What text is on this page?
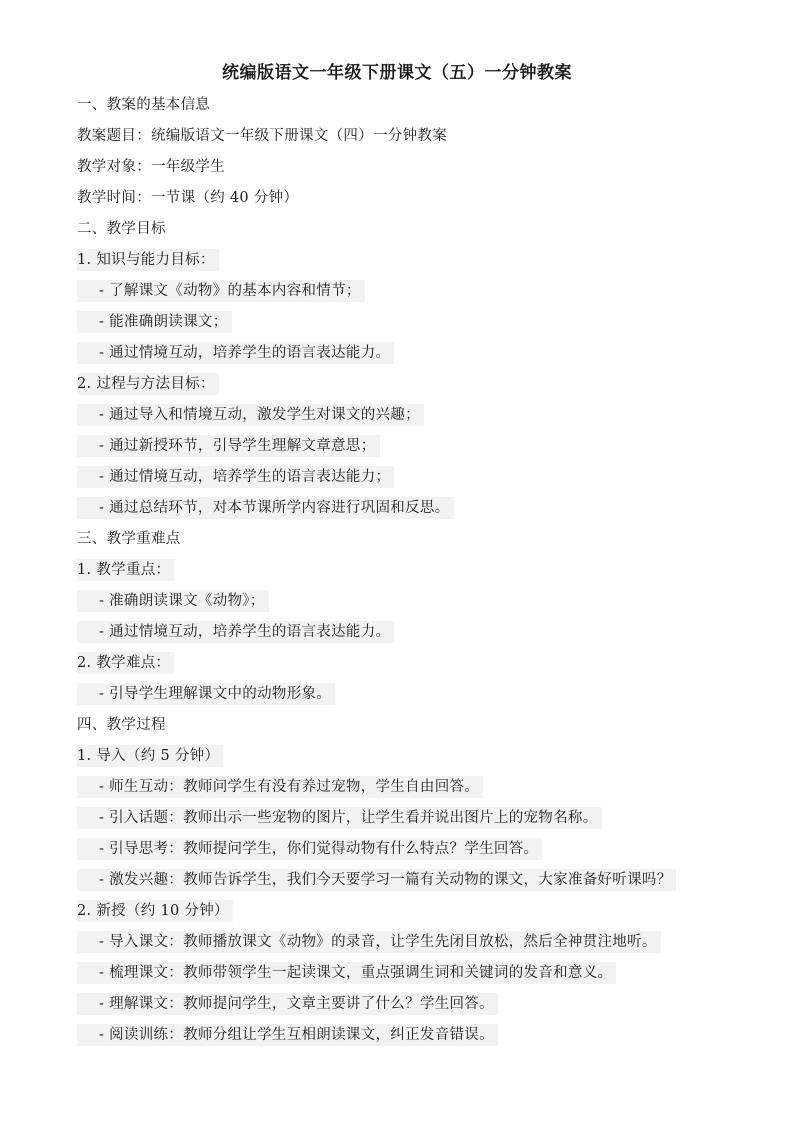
统编版语文一年级下册课文（五）一分钟教案
一、教案的基本信息
教案题目：统编版语文一年级下册课文（四）一分钟教案
教学对象：一年级学生
教学时间：一节课（约 40 分钟）
二、教学目标
1. 知识与能力目标：
- 了解课文《动物》的基本内容和情节；
- 能准确朗读课文；
- 通过情境互动，培养学生的语言表达能力。
2. 过程与方法目标：
- 通过导入和情境互动，激发学生对课文的兴趣；
- 通过新授环节，引导学生理解文章意思；
- 通过情境互动，培养学生的语言表达能力；
- 通过总结环节，对本节课所学内容进行巩固和反思。
三、教学重难点
1. 教学重点：
- 准确朗读课文《动物》；
- 通过情境互动，培养学生的语言表达能力。
2. 教学难点：
- 引导学生理解课文中的动物形象。
四、教学过程
1. 导入（约 5 分钟）
- 师生互动：教师问学生有没有养过宠物，学生自由回答。
- 引入话题：教师出示一些宠物的图片，让学生看并说出图片上的宠物名称。
- 引导思考：教师提问学生，你们觉得动物有什么特点？学生回答。
- 激发兴趣：教师告诉学生，我们今天要学习一篇有关动物的课文，大家准备好听课吗？
2. 新授（约 10 分钟）
- 导入课文：教师播放课文《动物》的录音，让学生先闭目放松，然后全神贯注地听。
- 梳理课文：教师带领学生一起读课文，重点强调生词和关键词的发音和意义。
- 理解课文：教师提问学生，文章主要讲了什么？学生回答。
- 阅读训练：教师分组让学生互相朗读课文，纠正发音错误。
